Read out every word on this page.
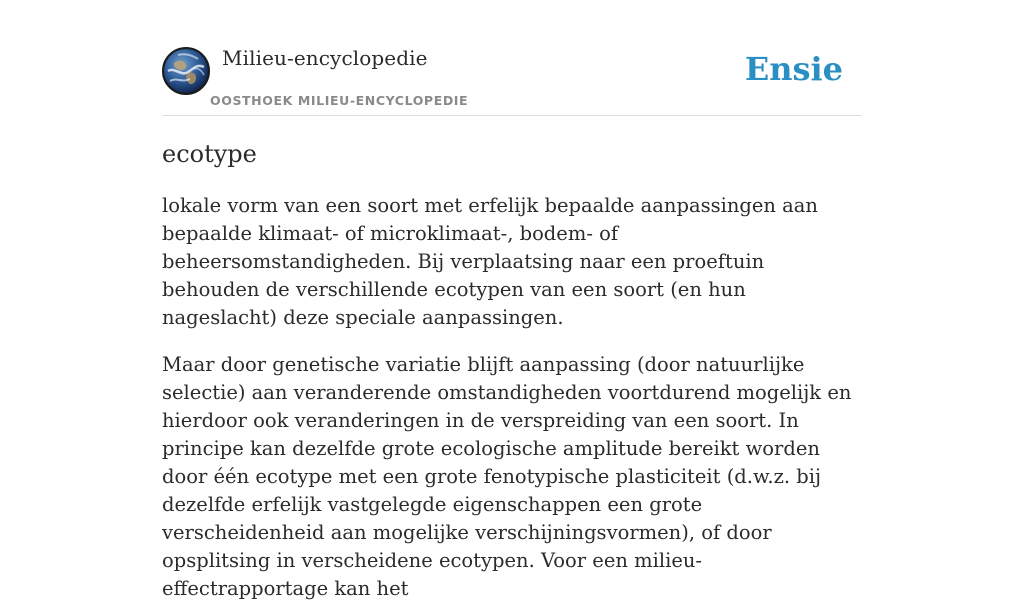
Milieu-encyclopedie
OOSTHOEK MILIEU-ENCYCLOPEDIE
Ensie
ecotype

lokale vorm van een soort met erfelijk bepaalde aanpassingen aan bepaalde klimaat- of microklimaat-, bodem- of beheersomstandigheden. Bij verplaatsing naar een proeftuin behouden de verschillende ecotypen van een soort (en hun nageslacht) deze speciale aanpassingen.

Maar door genetische variatie blijft aanpassing (door natuurlijke selectie) aan veranderende omstandigheden voortdurend mogelijk en hierdoor ook veranderingen in de verspreiding van een soort. In principe kan dezelfde grote ecologische amplitude bereikt worden door één ecotype met een grote fenotypische plasticiteit (d.w.z. bij dezelfde erfelijk vastgelegde eigenschappen een grote verscheidenheid aan mogelijke verschijningsvormen), of door opsplitsing in verscheidene ecotypen. Voor een milieu-effectrapportage kan het
